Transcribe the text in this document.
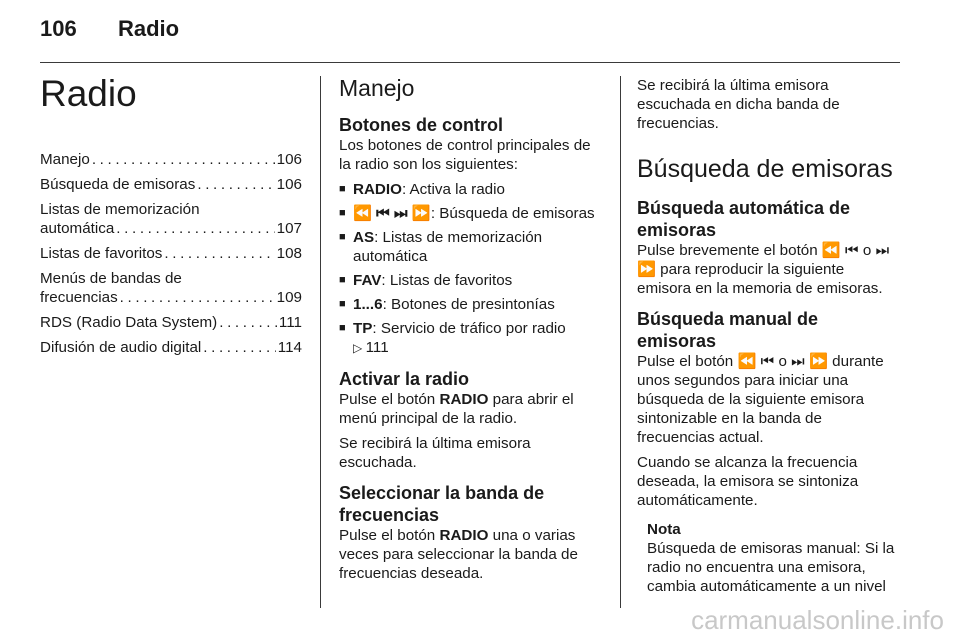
106 Radio
Radio
Manejo . . .	106
Búsqueda de emisoras . . .	106
Listas de memorización
automática . . .	107
Listas de favoritos . . .	108
Menús de bandas de
frecuencias . . .	109
RDS (Radio Data System) . . .	111
Difusión de audio digital . . .	114
Manejo
Botones de control

Los botones de control principales de la radio son los siguientes:

■ RADIO: Activa la radio
■ ⏪ ⏮ ⏭ ⏩: Búsqueda de emisoras
■ AS: Listas de memorización automática
■ FAV: Listas de favoritos
■ 1...6: Botones de presintonías
■ TP: Servicio de tráfico por radio
▷ 111
Activar la radio

Pulse el botón RADIO para abrir el menú principal de la radio.

Se recibirá la última emisora escuchada.

Seleccionar la banda de frecuencias

Pulse el botón RADIO una o varias veces para seleccionar la banda de frecuencias deseada.

Se recibirá la última emisora escuchada en dicha banda de frecuencias.

Búsqueda de emisoras
Búsqueda automática de emisoras

Pulse brevemente el botón ⏪ ⏮ o ⏭ ⏩ para reproducir la siguiente emisora en la memoria de emisoras.

Búsqueda manual de emisoras

Pulse el botón ⏪ ⏮ o ⏭ ⏩ durante unos segundos para iniciar una búsqueda de la siguiente emisora sintonizable en la banda de frecuencias actual.

Cuando se alcanza la frecuencia deseada, la emisora se sintoniza automáticamente.

Nota
Búsqueda de emisoras manual: Si la radio no encuentra una emisora, cambia automáticamente a un nivel
carmanualsonline.info
